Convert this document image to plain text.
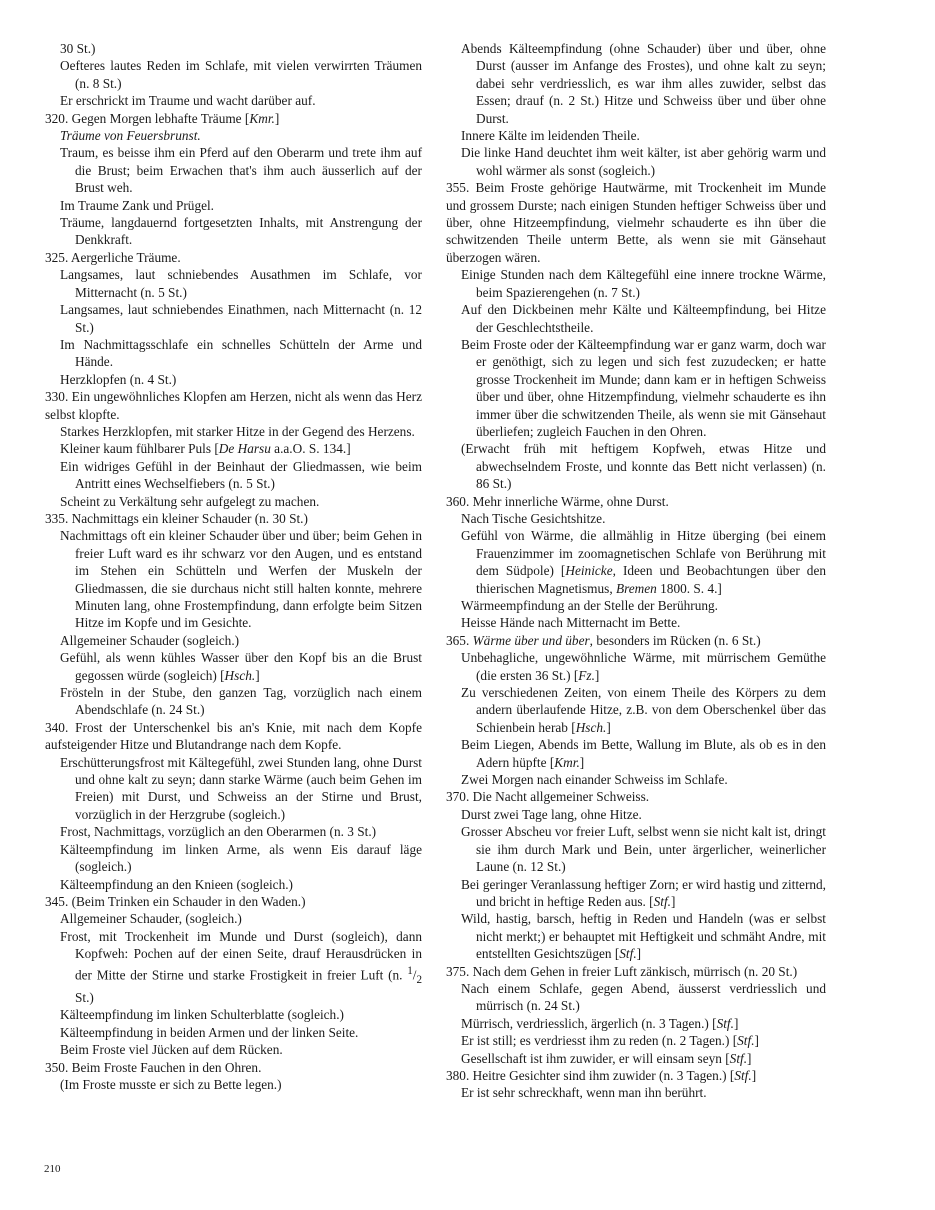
30 St.)

Oefteres lautes Reden im Schlafe, mit vielen verwirrten Träumen (n. 8 St.)

Er erschrickt im Traume und wacht darüber auf.

320. Gegen Morgen lebhafte Träume [Kmr.]

Träume von Feuersbrunst.

Traum, es beisse ihm ein Pferd auf den Oberarm und trete ihm auf die Brust; beim Erwachen that's ihm auch äusserlich auf der Brust weh.

Im Traume Zank und Prügel.

Träume, langdauernd fortgesetzten Inhalts, mit Anstrengung der Denkkraft.

325. Aergerliche Träume.

Langsames, laut schniebendes Ausathmen im Schlafe, vor Mitternacht (n. 5 St.)

Langsames, laut schniebendes Einathmen, nach Mitternacht (n. 12 St.)

Im Nachmittagsschlafe ein schnelles Schütteln der Arme und Hände.

Herzklopfen (n. 4 St.)

330. Ein ungewöhnliches Klopfen am Herzen, nicht als wenn das Herz selbst klopfte.

Starkes Herzklopfen, mit starker Hitze in der Gegend des Herzens.

Kleiner kaum fühlbarer Puls [De Harsu a.a.O. S. 134.]

Ein widriges Gefühl in der Beinhaut der Gliedmassen, wie beim Antritt eines Wechselfiebers (n. 5 St.)

Scheint zu Verkältung sehr aufgelegt zu machen.

335. Nachmittags ein kleiner Schauder (n. 30 St.)

Nachmittags oft ein kleiner Schauder über und über; beim Gehen in freier Luft ward es ihr schwarz vor den Augen, und es entstand im Stehen ein Schütteln und Werfen der Muskeln der Gliedmassen, die sie durchaus nicht still halten konnte, mehrere Minuten lang, ohne Frostempfindung, dann erfolgte beim Sitzen Hitze im Kopfe und im Gesichte.

Allgemeiner Schauder (sogleich.)

Gefühl, als wenn kühles Wasser über den Kopf bis an die Brust gegossen würde (sogleich) [Hsch.]

Frösteln in der Stube, den ganzen Tag, vorzüglich nach einem Abendschlafe (n. 24 St.)

340. Frost der Unterschenkel bis an's Knie, mit nach dem Kopfe aufsteigender Hitze und Blutandrange nach dem Kopfe.

Erschütterungsfrost mit Kältegefühl, zwei Stunden lang, ohne Durst und ohne kalt zu seyn; dann starke Wärme (auch beim Gehen im Freien) mit Durst, und Schweiss an der Stirne und Brust, vorzüglich in der Herzgrube (sogleich.)

Frost, Nachmittags, vorzüglich an den Oberarmen (n. 3 St.)

Kälteempfindung im linken Arme, als wenn Eis darauf läge (sogleich.)

Kälteempfindung an den Knieen (sogleich.)

345. (Beim Trinken ein Schauder in den Waden.)

Allgemeiner Schauder, (sogleich.)

Frost, mit Trockenheit im Munde und Durst (sogleich), dann Kopfweh: Pochen auf der einen Seite, drauf Herausdrücken in der Mitte der Stirne und starke Frostigkeit in freier Luft (n. $^1/_2$ St.)

Kälteempfindung im linken Schulterblatte (sogleich.)

Kälteempfindung in beiden Armen und der linken Seite.

Beim Froste viel Jücken auf dem Rücken.

350. Beim Froste Fauchen in den Ohren.

(Im Froste musste er sich zu Bette legen.)

Abends Kälteempfindung (ohne Schauder) über und über, ohne Durst (ausser im Anfange des Frostes), und ohne kalt zu seyn; dabei sehr verdriesslich, es war ihm alles zuwider, selbst das Essen; drauf (n. 2 St.) Hitze und Schweiss über und über ohne Durst.

Innere Kälte im leidenden Theile.

Die linke Hand deuchtet ihm weit kälter, ist aber gehörig warm und wohl wärmer als sonst (sogleich.)

355. Beim Froste gehörige Hautwärme, mit Trockenheit im Munde und grossem Durste; nach einigen Stunden heftiger Schweiss über und über, ohne Hitzeempfindung, vielmehr schauderte es ihn über die schwitzenden Theile unterm Bette, als wenn sie mit Gänsehaut überzogen wären.

Einige Stunden nach dem Kältegefühl eine innere trockne Wärme, beim Spazierengehen (n. 7 St.)

Auf den Dickbeinen mehr Kälte und Kälteempfindung, bei Hitze der Geschlechtstheile.

Beim Froste oder der Kälteempfindung war er ganz warm, doch war er genöthigt, sich zu legen und sich fest zuzudecken; er hatte grosse Trockenheit im Munde; dann kam er in heftigen Schweiss über und über, ohne Hitzempfindung, vielmehr schauderte es ihn immer über die schwitzenden Theile, als wenn sie mit Gänsehaut überliefen; zugleich Fauchen in den Ohren.

(Erwacht früh mit heftigem Kopfweh, etwas Hitze und abwechselndem Froste, und konnte das Bett nicht verlassen) (n. 86 St.)

360. Mehr innerliche Wärme, ohne Durst.

Nach Tische Gesichtshitze.

Gefühl von Wärme, die allmählig in Hitze überging (bei einem Frauenzimmer im zoomagnetischen Schlafe von Berührung mit dem Südpole) [Heinicke, Ideen und Beobachtungen über den thierischen Magnetismus, Bremen 1800. S. 4.]

Wärmeempfindung an der Stelle der Berührung.

Heisse Hände nach Mitternacht im Bette.

365. Wärme über und über, besonders im Rücken (n. 6 St.)

Unbehagliche, ungewöhnliche Wärme, mit mürrischem Gemüthe (die ersten 36 St.) [Fz.]

Zu verschiedenen Zeiten, von einem Theile des Körpers zu dem andern überlaufende Hitze, z.B. von dem Oberschenkel über das Schienbein herab [Hsch.]

Beim Liegen, Abends im Bette, Wallung im Blute, als ob es in den Adern hüpfte [Kmr.]

Zwei Morgen nach einander Schweiss im Schlafe.

370. Die Nacht allgemeiner Schweiss.

Durst zwei Tage lang, ohne Hitze.

Grosser Abscheu vor freier Luft, selbst wenn sie nicht kalt ist, dringt sie ihm durch Mark und Bein, unter ärgerlicher, weinerlicher Laune (n. 12 St.)

Bei geringer Veranlassung heftiger Zorn; er wird hastig und zitternd, und bricht in heftige Reden aus. [Stf.]

Wild, hastig, barsch, heftig in Reden und Handeln (was er selbst nicht merkt;) er behauptet mit Heftigkeit und schmäht Andre, mit entstellten Gesichtszügen [Stf.]

375. Nach dem Gehen in freier Luft zänkisch, mürrisch (n. 20 St.)

Nach einem Schlafe, gegen Abend, äusserst verdriesslich und mürrisch (n. 24 St.)

Mürrisch, verdriesslich, ärgerlich (n. 3 Tagen.) [Stf.]

Er ist still; es verdriesst ihm zu reden (n. 2 Tagen.) [Stf.]

Gesellschaft ist ihm zuwider, er will einsam seyn [Stf.]

380. Heitre Gesichter sind ihm zuwider (n. 3 Tagen.) [Stf.]

Er ist sehr schreckhaft, wenn man ihn berührt.

210
